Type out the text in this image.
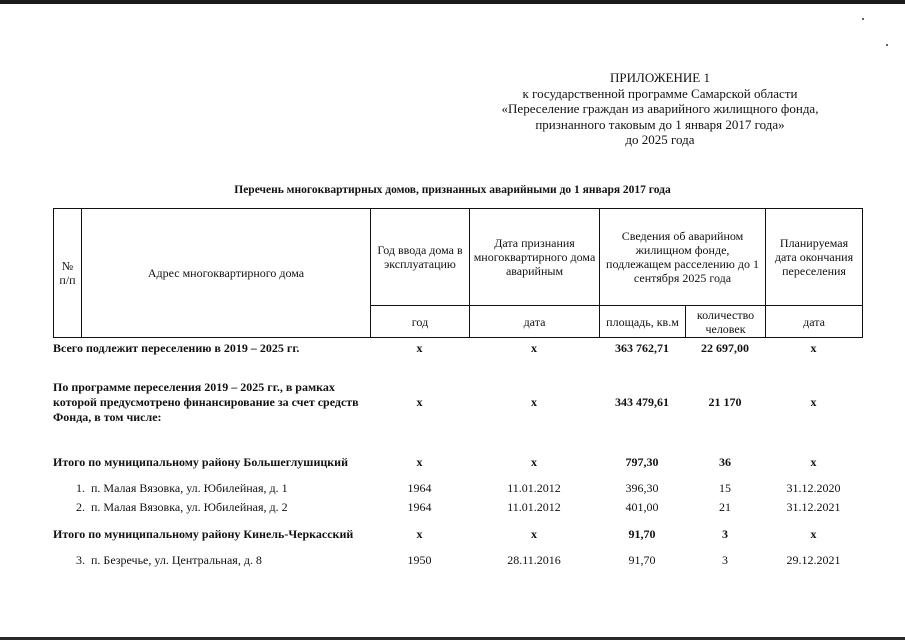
ПРИЛОЖЕНИЕ 1
к государственной программе Самарской области
«Переселение граждан из аварийного жилищного фонда,
признанного таковым до 1 января 2017 года»
до 2025 года
Перечень многоквартирных домов, признанных аварийными до 1 января 2017 года
№ п/п	Адрес многоквартирного дома	Год ввода дома в эксплуатацию	Дата признания многоквартирного дома аварийным	Сведения об аварийном жилищном фонде, подлежащем расселению до 1 сентября 2025 года		Планируемая дата окончания переселения
		год	дата	площадь, кв.м	количество человек	дата
Всего подлежит переселению в 2019 – 2025 гг.	х	х	363 762,71	22 697,00	х

По программе переселения 2019 – 2025 гг., в рамках которой предусмотрено финансирование за счет средств Фонда, в том числе:	х	х	343 479,61	21 170	х

Итого по муниципальному району Большеглушицкий	х	х	797,30	36	х
1. п. Малая Вязовка, ул. Юбилейная, д. 1	1964	11.01.2012	396,30	15	31.12.2020
2. п. Малая Вязовка, ул. Юбилейная, д. 2	1964	11.01.2012	401,00	21	31.12.2021
Итого по муниципальному району Кинель-Черкасский	х	х	91,70	3	х
3. п. Безречье, ул. Центральная, д. 8	1950	28.11.2016	91,70	3	29.12.2021
